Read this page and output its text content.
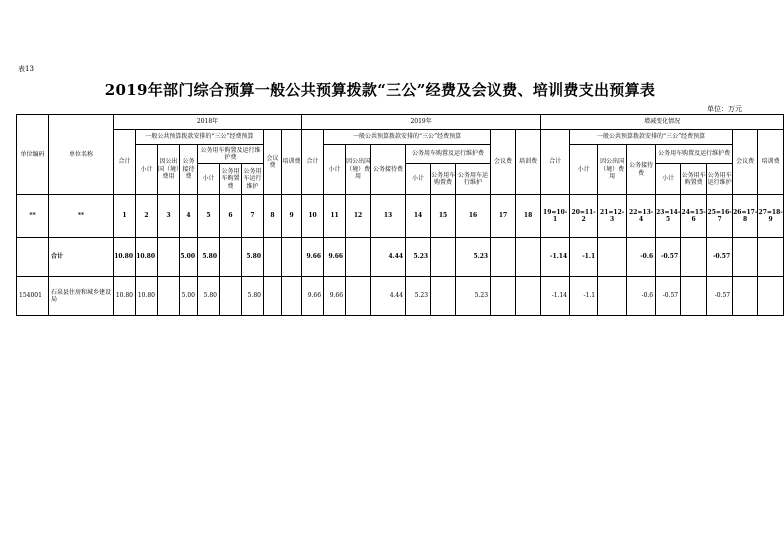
表13
2019年部门综合预算一般公共预算拨款“三公”经费及会议费、培训费支出预算表
单位：万元
单位编码	单位名称	2018年									2019年									增减变化情况								
		合计	一般公共预算拨款安排的“三公”经费预算						会议费	培训费	合计	一般公共预算拨款安排的“三公”经费预算						会议费	培训费	合计	一般公共预算拨款安排的“三公”经费预算						会议费	培训费
			小计	因公出国（境）费用	公务接待费	公务用车购置及运行维护费						小计	因公出国（境）费用	公务接待费	公务用车购置及运行维护费						小计	因公出国（境）费用	公务接待费	公务用车购置及运行维护费				
						小计	公务用车购置费	公务用车运行维护							小计	公务用车购置费	公务用车运行维护							小计	公务用车购置费	公务用车运行维护		
**	**	1	2	3	4	5	6	7	8	9	10	11	12	13	14	15	16	17	18	19=10-1	20=11-2	21=12-3	22=13-4	23=14-5	24=15-6	25=16-7	26=17-8	27=18-9
	合计	10.80	10.80		5.00	5.80		5.80			9.66	9.66		4.44	5.23		5.23			-1.14	-1.1		-0.6	-0.57		-0.57		
154001	石泉县住房和城乡建设局	10.80	10.80		5.00	5.80		5.80			9.66	9.66		4.44	5.23		5.23			-1.14	-1.1		-0.6	-0.57		-0.57		
